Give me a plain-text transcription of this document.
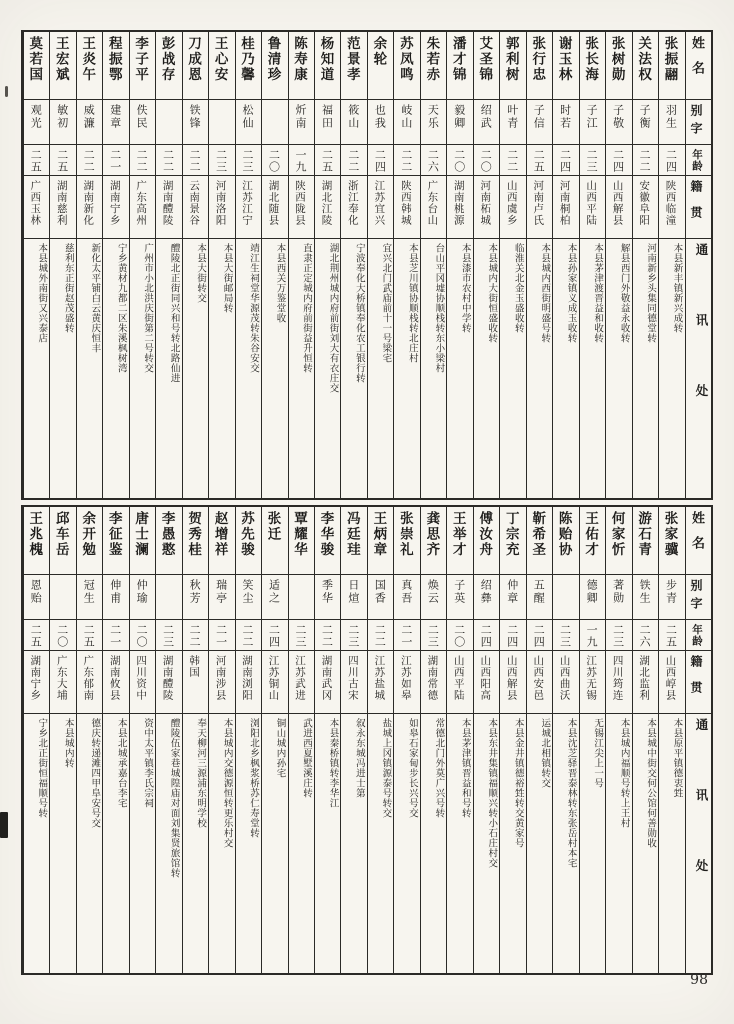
姓名
别字
年龄
籍贯
通讯处
张振翮
羽生
二四
陕西临潼
本县新丰镇新兴成转
关法权
子衡
二二
安徽阜阳
河南新乡头集同德堂转
张树勋
子敬
二四
山西解县
解县西门外敬益永收转
张长海
子江
二三
山西平陆
本县茅津渡晋益和收转
谢玉林
时若
二四
河南桐柏
本县孙家镇义成玉收转
张行忠
子信
二五
河南卢氏
本县城内西街明盛号转
郭利树
叶青
二二
山西虞乡
临淮关北金玉盛收转
艾圣锦
绍武
二〇
河南柘城
本县城内大街恒盛收转
潘才锦
毅卿
二〇
湖南桃源
本县漆市农村中学转
朱若赤
天乐
二六
广东台山
台山平冈墟协顺栈转东小梁村
苏凤鸣
岐山
二二
陕西韩城
本县芝川镇协顺栈转北庄村
余轮
也我
二四
江苏宜兴
宜兴北门武庙前十一号梁宅
范景孝
筱山
二二
浙江奉化
宁波奉化大桥镇奉化农工银行转
杨知道
福田
二五
湖北江陵
湖北荆州城内府前街刘大有衣庄交
陈寿康
炘南
一九
陕西陇县
直隶正定城内府前街益升恒转
鲁清珍
二〇
湖北随县
本县西关万鉴堂收
桂乃馨
松仙
二三
江苏江宁
靖江生祠堂华源茂转朱谷安交
王心安
二三
河南洛阳
本县大街邮局转
刀成恩
铁锋
二二
云南景谷
本县大街转交
彭战存
二二
湖南醴陵
醴陵北正街同兴和号转北路仙进
李子平
佚民
二二
广东高州
广州市小北洪庆街第二号转交
程振鄂
建章
二一
湖南宁乡
宁乡黄材九都二区朱溪枫树湾
王炎午
威濂
二二
湖南新化
新化太平铺白云黄庆恒丰
王宏斌
敏初
二五
湖南慈利
慈利东正街赵茂盛转
莫若国
观光
二五
广西玉林
本县城外南街又兴泰店
姓名
别字
年龄
籍贯
通讯处
张家骥
步青
二五
山西崞县
本县原平镇德衷甡
游石青
铁生
二六
湖北监利
本县城中街交何公馆何善勋收
何家忻
著勋
二三
四川筠连
本县城内福顺号转上王村
王佑才
德卿
一九
江苏无锡
无锡江尖上一号
陈贻协
二三
山西曲沃
本县沈芝驿晋泰林转东张岳村本宅
靳希圣
五醒
二四
山西安邑
运城北相镇转交
丁宗充
仲章
二四
山西解县
本县金井镇德裕甡转交黄家号
傅汝舟
绍彝
二四
山西阳高
本县东井集镇福顺兴转小石庄村交
王举才
子英
二〇
山西平陆
本县茅津镇晋益和号转
龚思齐
焕云
二三
湖南常德
常德北门外莫广兴号转
张崇礼
真吾
二一
江苏如皋
如皋石家甸步长兴号交
王炳章
国香
二二
江苏盐城
盐城上冈镇源泰号转交
冯廷珪
日煊
二三
四川古宋
叙永东城冯进士第
李华骏
季华
二二
湖南武冈
本县秦桥镇转李华江
覃耀华
二三
江苏武进
武进西夏墅溪庄转
张迁
适之
二四
江苏铜山
铜山城内孙宅
苏先骏
笑尘
二二
湖南浏阳
浏阳北乡枫浆桥苏仁寿堂转
赵增祥
瑞亭
二一
河南涉县
本县城内交德源恒转更乐村交
贺秀桂
秋芳
二二
韩国
奉天柳河三源浦东明学校
李愚憨
二三
湖南醴陵
醴陵伍家巷城隍庙对面刘集贤旅馆转
唐士澜
仲瑜
二〇
四川资中
资中太平镇李氏宗祠
李征鉴
伸甫
二一
湖南攸县
本县北城承嘉台李宅
余开勉
冠生
二五
广东郁南
德庆转递滩四甲阜安号交
邱车岳
二〇
广东大埔
本县城内转
王兆槐
恩贻
二五
湖南宁乡
宁乡北正街恒福顺号转
98
